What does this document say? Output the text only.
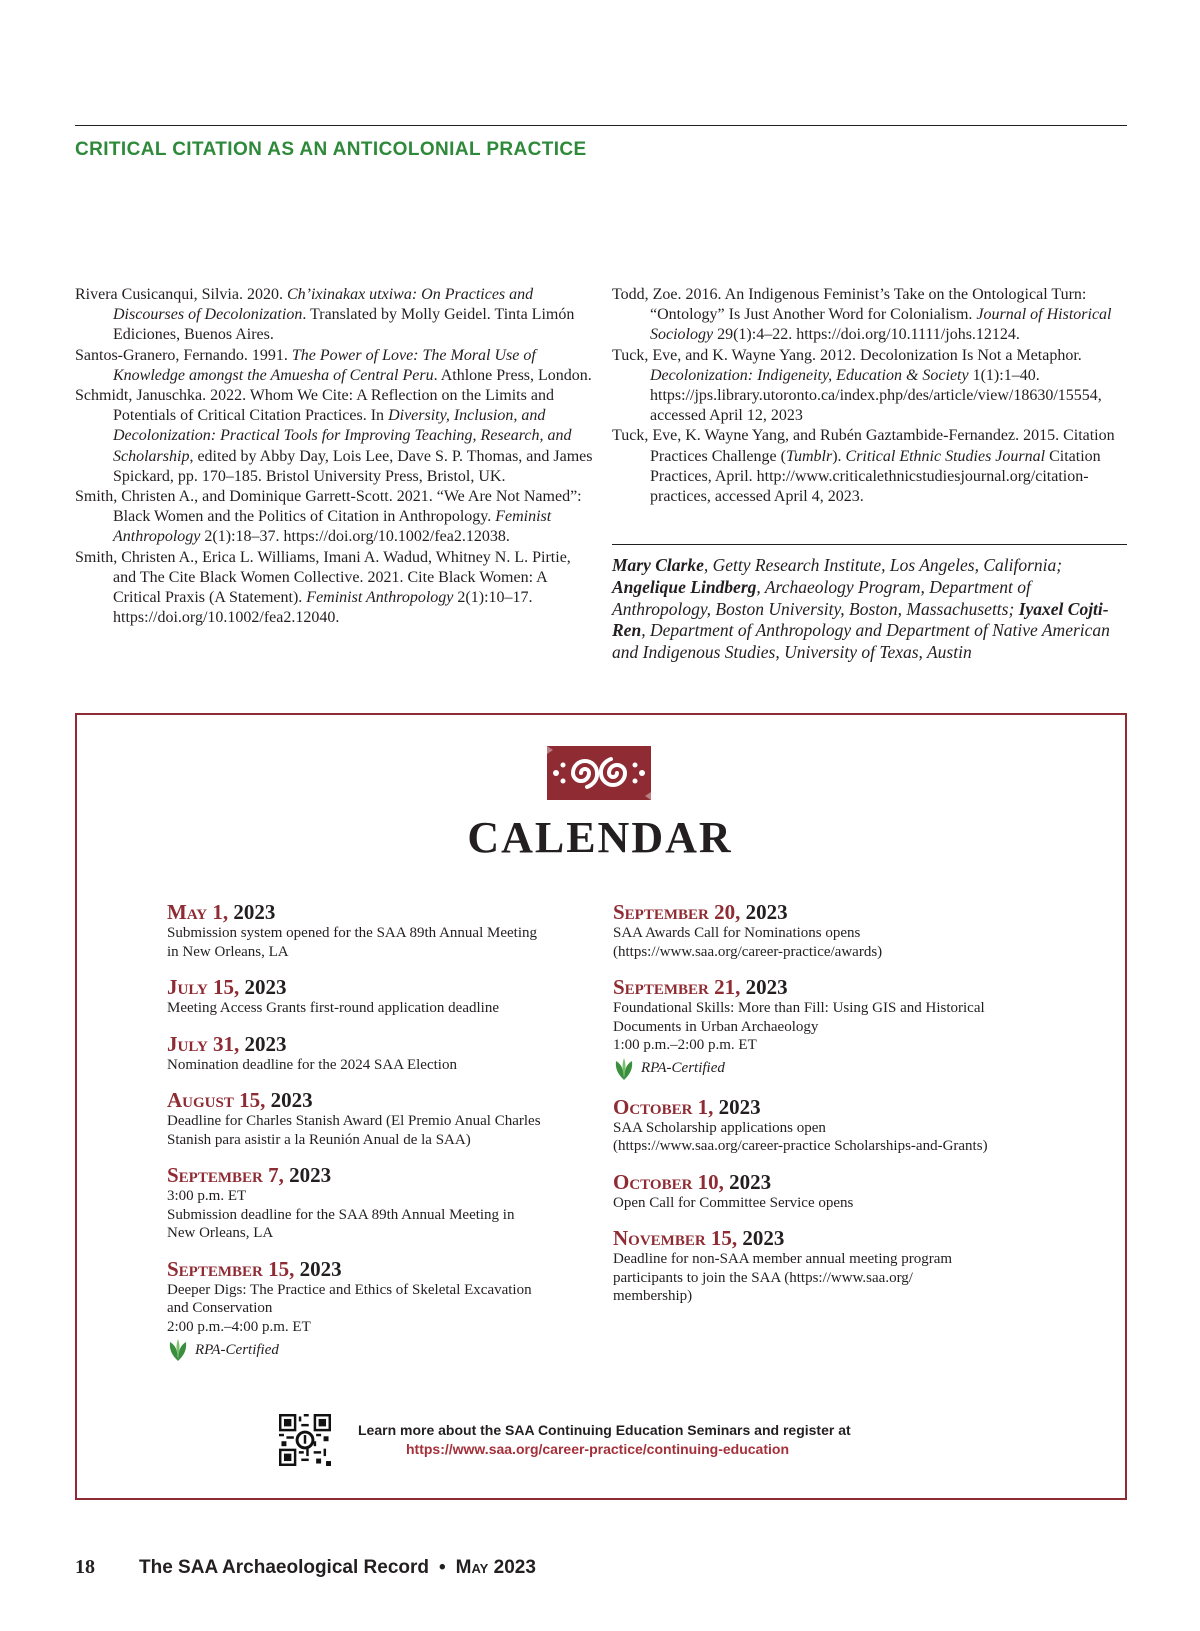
CRITICAL CITATION AS AN ANTICOLONIAL PRACTICE

Rivera Cusicanqui, Silvia. 2020. Ch’ixinakax utxiwa: On Practices and Discourses of Decolonization. Translated by Molly Geidel. Tinta Limón Ediciones, Buenos Aires.

Santos-Granero, Fernando. 1991. The Power of Love: The Moral Use of Knowledge amongst the Amuesha of Central Peru. Athlone Press, London.

Schmidt, Januschka. 2022. Whom We Cite: A Reflection on the Limits and Potentials of Critical Citation Practices. In Diversity, Inclusion, and Decolonization: Practical Tools for Improving Teaching, Research, and Scholarship, edited by Abby Day, Lois Lee, Dave S. P. Thomas, and James Spickard, pp. 170–185. Bristol University Press, Bristol, UK.

Smith, Christen A., and Dominique Garrett-Scott. 2021. “We Are Not Named”: Black Women and the Politics of Citation in Anthropology. Feminist Anthropology 2(1):18–37. https://doi.org/10.1002/fea2.12038.

Smith, Christen A., Erica L. Williams, Imani A. Wadud, Whitney N. L. Pirtie, and The Cite Black Women Collective. 2021. Cite Black Women: A Critical Praxis (A Statement). Feminist Anthropology 2(1):10–17. https://doi.org/10.1002/fea2.12040.

Todd, Zoe. 2016. An Indigenous Feminist’s Take on the Ontological Turn: “Ontology” Is Just Another Word for Colonialism. Journal of Historical Sociology 29(1):4–22. https://doi.org/10.1111/johs.12124.

Tuck, Eve, and K. Wayne Yang. 2012. Decolonization Is Not a Metaphor. Decolonization: Indigeneity, Education & Society 1(1):1–40. https://jps.library.utoronto.ca/index.php/des/article/view/18630/15554, accessed April 12, 2023

Tuck, Eve, K. Wayne Yang, and Rubén Gaztambide-Fernandez. 2015. Citation Practices Challenge (Tumblr). Critical Ethnic Studies Journal Citation Practices, April. http://www.criticalethnicstudiesjournal.org/citation-practices, accessed April 4, 2023.

Mary Clarke, Getty Research Institute, Los Angeles, California; Angelique Lindberg, Archaeology Program, Department of Anthropology, Boston University, Boston, Massachusetts; Iyaxel Cojti-Ren, Department of Anthropology and Department of Native American and Indigenous Studies, University of Texas, Austin
CALENDAR
May 1, 2023
Submission system opened for the SAA 89th Annual Meeting
in New Orleans, LA
July 15, 2023
Meeting Access Grants first-round application deadline
July 31, 2023
Nomination deadline for the 2024 SAA Election
August 15, 2023
Deadline for Charles Stanish Award (El Premio Anual Charles
Stanish para asistir a la Reunión Anual de la SAA)
September 7, 2023
3:00 p.m. ET
Submission deadline for the SAA 89th Annual Meeting in
New Orleans, LA
September 15, 2023
Deeper Digs: The Practice and Ethics of Skeletal Excavation
and Conservation
2:00 p.m.–4:00 p.m. ET
RPA-Certified
September 20, 2023
SAA Awards Call for Nominations opens
(https://www.saa.org/career-practice/awards)
September 21, 2023
Foundational Skills: More than Fill: Using GIS and Historical
Documents in Urban Archaeology
1:00 p.m.–2:00 p.m. ET
RPA-Certified
October 1, 2023
SAA Scholarship applications open
(https://www.saa.org/career-practice Scholarships-and-Grants)
October 10, 2023
Open Call for Committee Service opens
November 15, 2023
Deadline for non-SAA member annual meeting program
participants to join the SAA (https://www.saa.org/
membership)
Learn more about the SAA Continuing Education Seminars and register at
https://www.saa.org/career-practice/continuing-education
18 The SAA Archaeological Record • May 2023
